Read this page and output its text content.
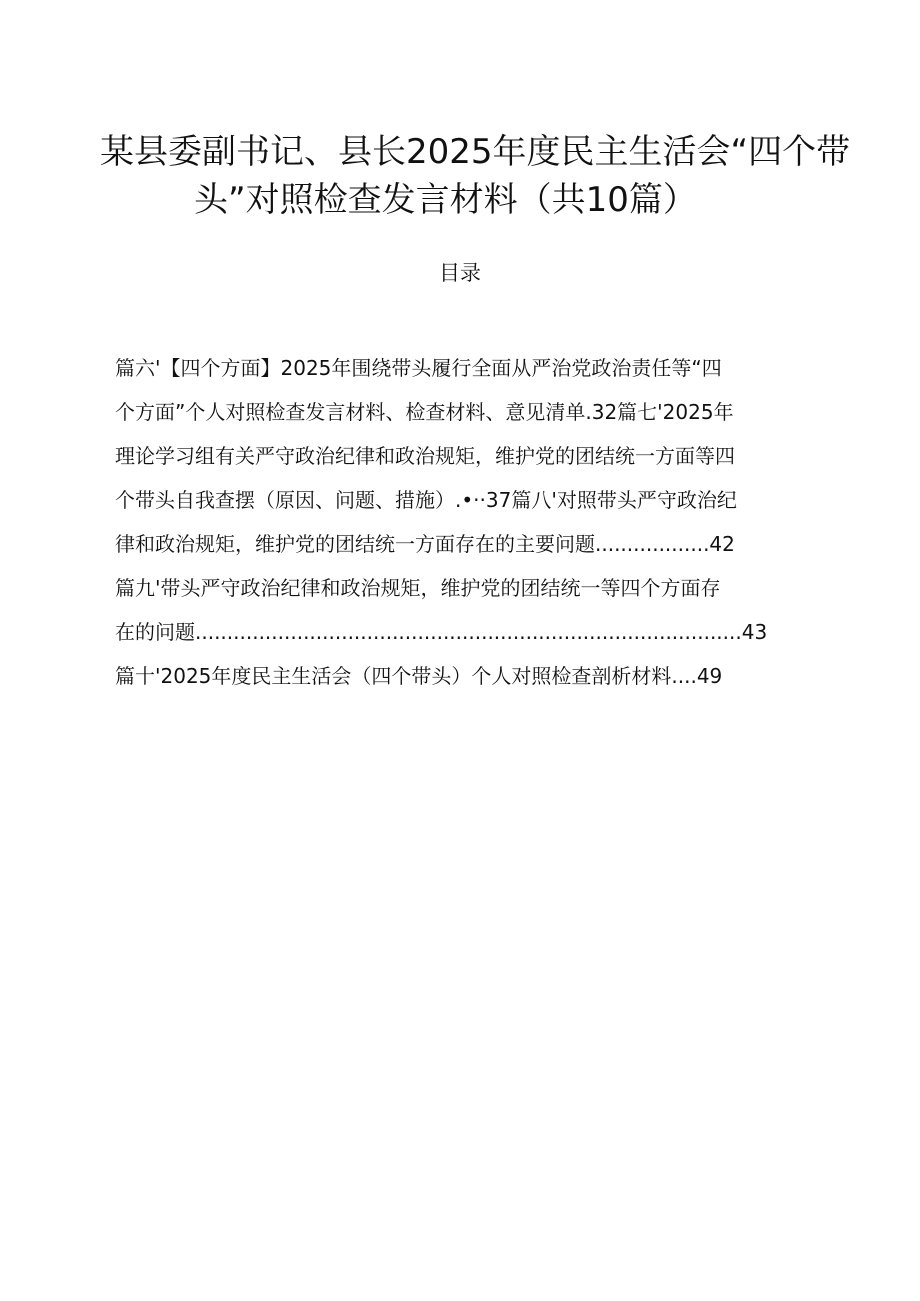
某县委副书记、县长2025年度民主生活会“四个带
头”对照检查发言材料（共10篇）
目录
篇六'【四个方面】2025年围绕带头履行全面从严治党政治责任等“四
个方面”个人对照检查发言材料、检查材料、意见清单.32篇七'2025年
理论学习组有关严守政治纪律和政治规矩，维护党的团结统一方面等四
个带头自我查摆（原因、问题、措施）.•··37篇八'对照带头严守政治纪
律和政治规矩，维护党的团结统一方面存在的主要问题..................42
篇九'带头严守政治纪律和政治规矩，维护党的团结统一等四个方面存
在的问题......................................................................................43
篇十'2025年度民主生活会（四个带头）个人对照检查剖析材料....49
